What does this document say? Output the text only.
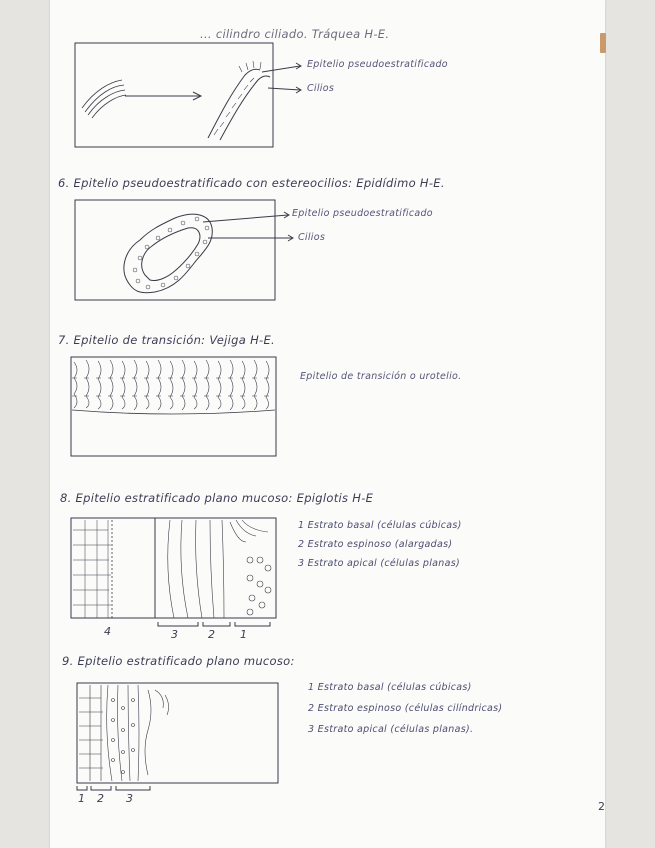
... cilindro ciliado. Tráquea H-E.
Epitelio pseudoestratificado
Cilios
6. Epitelio pseudoestratificado con estereocilios: Epidídimo H-E.
Epitelio pseudoestratificado
Cilios
7. Epitelio de transición: Vejiga H-E.
Epitelio de transición o urotelio.
8. Epitelio estratificado plano mucoso: Epiglotis H-E
1 Estrato basal (células cúbicas)
2 Estrato espinoso (alargadas)
3 Estrato apical (células planas)
4	3	2 1
9. Epitelio estratificado plano mucoso:
1 Estrato basal (células cúbicas)
2 Estrato espinoso (células cilíndricas)
3 Estrato apical (células planas).
1 2 3
2
